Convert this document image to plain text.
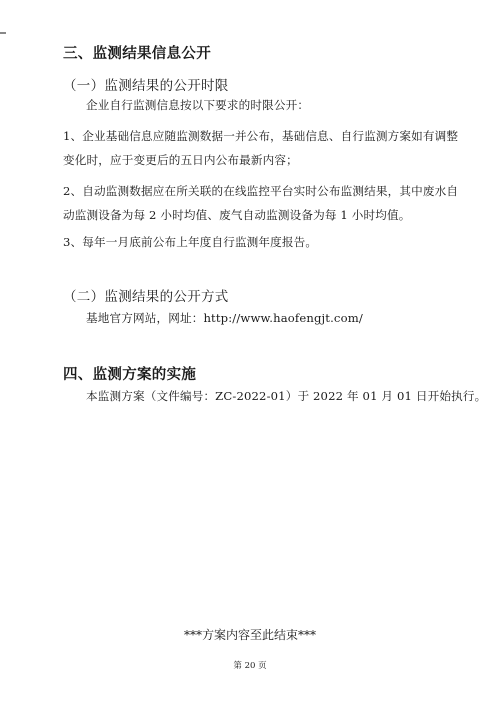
三、监测结果信息公开
（一）监测结果的公开时限
企业自行监测信息按以下要求的时限公开：
1、企业基础信息应随监测数据一并公布，基础信息、自行监测方案如有调整变化时，应于变更后的五日内公布最新内容；
2、自动监测数据应在所关联的在线监控平台实时公布监测结果，其中废水自动监测设备为每 2 小时均值、废气自动监测设备为每 1 小时均值。
3、每年一月底前公布上年度自行监测年度报告。
（二）监测结果的公开方式
基地官方网站，网址：http://www.haofengjt.com/
四、监测方案的实施
本监测方案（文件编号：ZC-2022-01）于 2022 年 01 月 01 日开始执行。
***方案内容至此结束***
第 20 页
